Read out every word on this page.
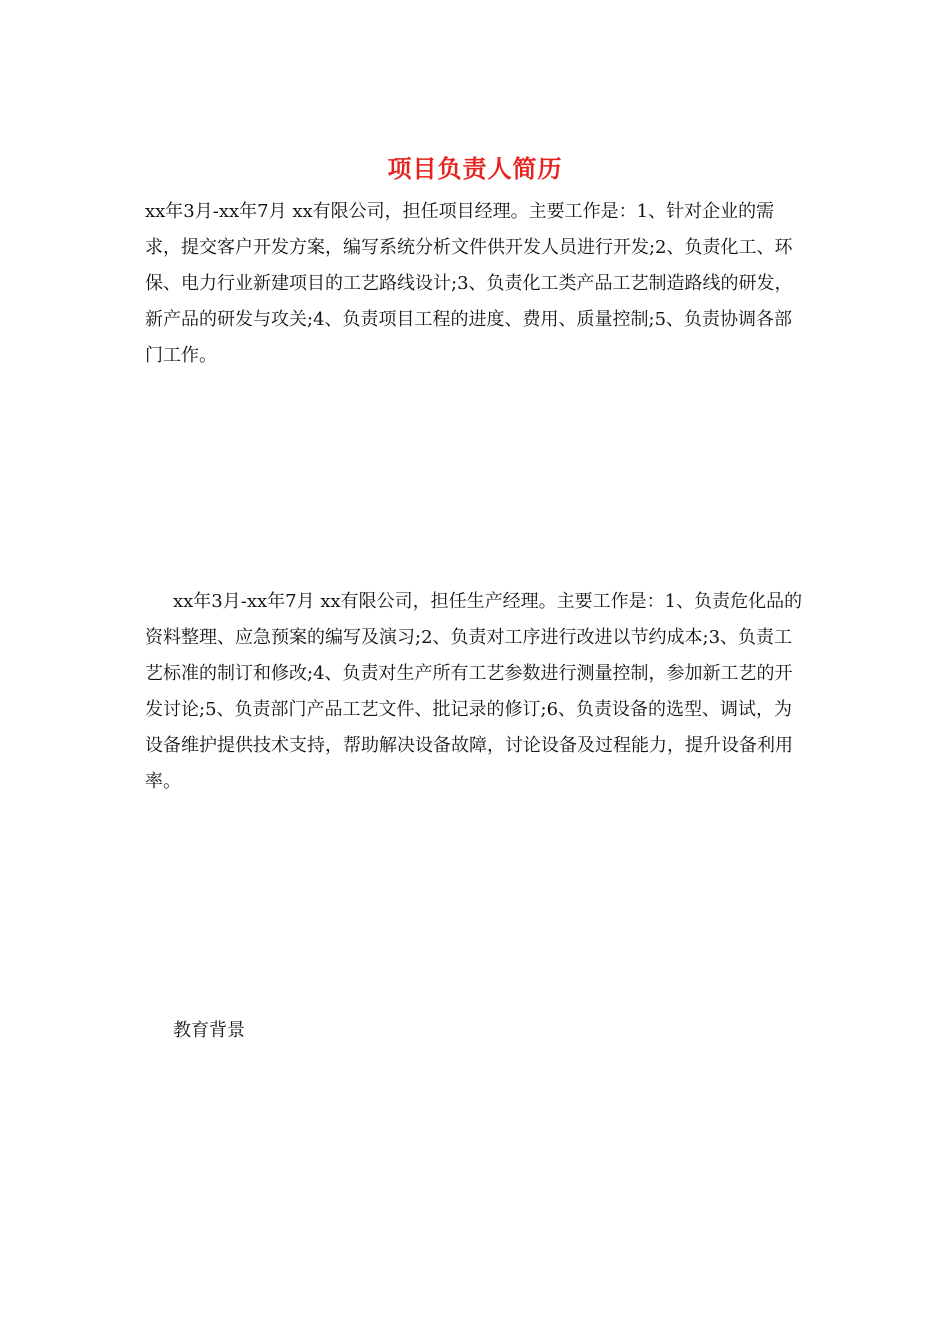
项目负责人简历

xx年3月-xx年7月 xx有限公司，担任项目经理。主要工作是：1、针对企业的需求，提交客户开发方案，编写系统分析文件供开发人员进行开发;2、负责化工、环保、电力行业新建项目的工艺路线设计;3、负责化工类产品工艺制造路线的研发，新产品的研发与攻关;4、负责项目工程的进度、费用、质量控制;5、负责协调各部门工作。

xx年3月-xx年7月 xx有限公司，担任生产经理。主要工作是：1、负责危化品的资料整理、应急预案的编写及演习;2、负责对工序进行改进以节约成本;3、负责工艺标准的制订和修改;4、负责对生产所有工艺参数进行测量控制，参加新工艺的开发讨论;5、负责部门产品工艺文件、批记录的修订;6、负责设备的选型、调试，为设备维护提供技术支持，帮助解决设备故障，讨论设备及过程能力，提升设备利用率。

教育背景
